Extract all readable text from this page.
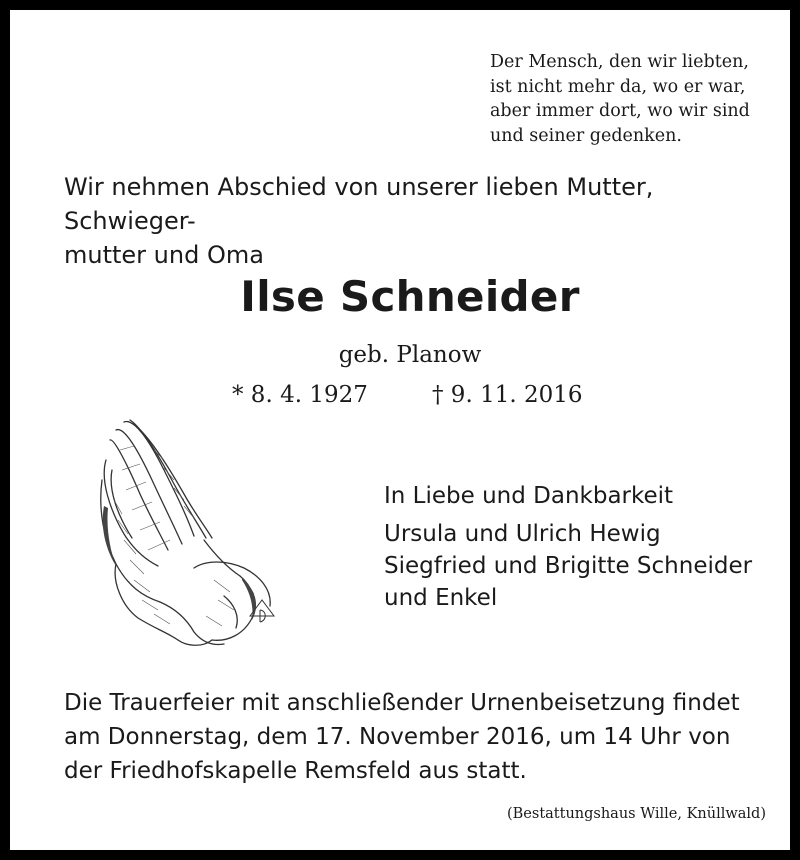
Der Mensch, den wir liebten,
ist nicht mehr da, wo er war,
aber immer dort, wo wir sind
und seiner gedenken.
Wir nehmen Abschied von unserer lieben Mutter, Schwieger-
mutter und Oma
Ilse Schneider
geb. Planow
* 8. 4. 1927	† 9. 11. 2016
In Liebe und Dankbarkeit
Ursula und Ulrich Hewig
Siegfried und Brigitte Schneider
und Enkel
Die Trauerfeier mit anschließender Urnenbeisetzung findet
am Donnerstag, dem 17. November 2016, um 14 Uhr von
der Friedhofskapelle Remsfeld aus statt.
(Bestattungshaus Wille, Knüllwald)
